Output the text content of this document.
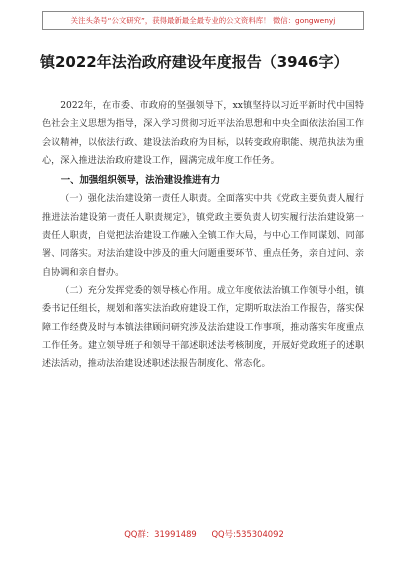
关注头条号“公文研究”，获得最新最全最专业的公文资料库！ 微信：gongwenyj
镇2022年法治政府建设年度报告（3946字）

2022年，在市委、市政府的坚强领导下，xx镇坚持以习近平新时代中国特色社会主义思想为指导，深入学习贯彻习近平法治思想和中央全面依法治国工作会议精神，以依法行政、建设法治政府为目标，以转变政府职能、规范执法为重心，深入推进法治政府建设工作，圆满完成年度工作任务。

一、加强组织领导，法治建设推进有力

（一）强化法治建设第一责任人职责。全面落实中共《党政主要负责人履行推进法治建设第一责任人职责规定》，镇党政主要负责人切实履行法治建设第一责任人职责，自觉把法治建设工作融入全镇工作大局，与中心工作同谋划、同部署、同落实。对法治建设中涉及的重大问题重要环节、重点任务，亲自过问、亲自协调和亲自督办。

（二）充分发挥党委的领导核心作用。成立年度依法治镇工作领导小组，镇委书记任组长，规划和落实法治政府建设工作，定期听取法治工作报告，落实保障工作经费及时与本镇法律顾问研究涉及法治建设工作事项，推动落实年度重点工作任务。建立领导班子和领导干部述职述法考核制度，开展好党政班子的述职述法活动，推动法治建设述职述法报告制度化、常态化。

QQ群：31991489 QQ号:535304092
